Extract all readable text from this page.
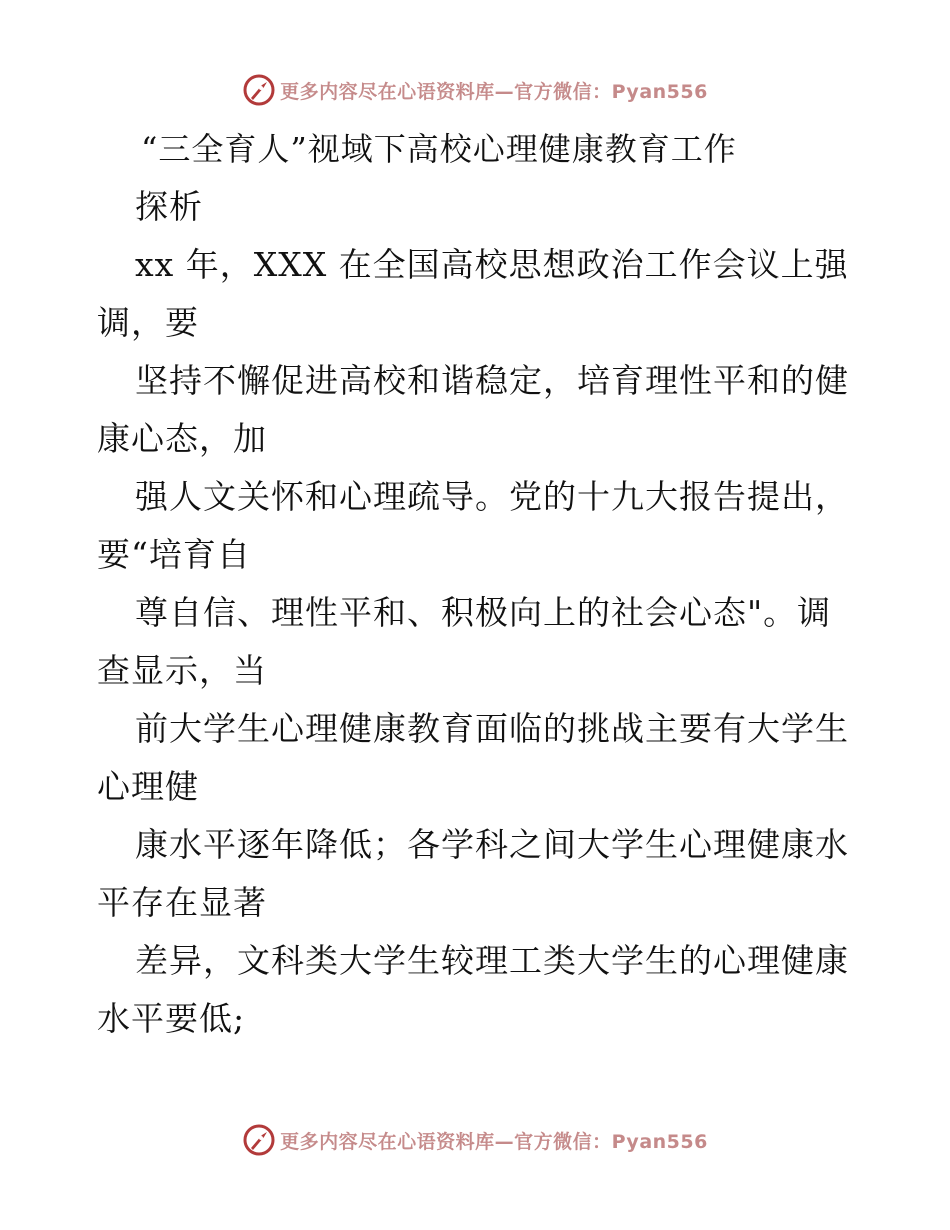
更多内容尽在心语资料库—官方微信：Pyan556
“三全育人”视域下高校心理健康教育工作
探析
xx 年，XXX 在全国高校思想政治工作会议上强
调，要
坚持不懈促进高校和谐稳定，培育理性平和的健
康心态，加
强人文关怀和心理疏导。党的十九大报告提出，
要“培育自
尊自信、理性平和、积极向上的社会心态"。调
查显示，当
前大学生心理健康教育面临的挑战主要有大学生
心理健
康水平逐年降低；各学科之间大学生心理健康水
平存在显著
差异，文科类大学生较理工类大学生的心理健康
水平要低;
更多内容尽在心语资料库—官方微信：Pyan556
